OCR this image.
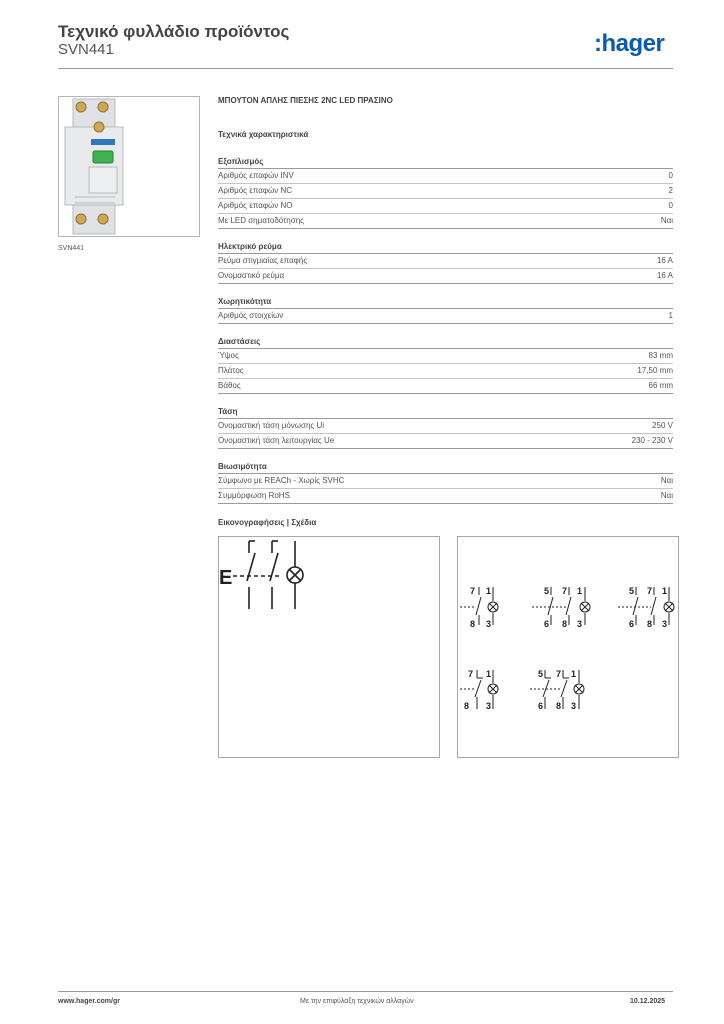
Τεχνικό φυλλάδιο προϊόντος
SVN441	:hager
SVN441
ΜΠΟΥΤΟΝ ΑΠΛΗΣ ΠΙΕΣΗΣ 2NC LED ΠΡΑΣΙΝΟ
Τεχνικά χαρακτηριστικά
Εξοπλισμός
Αριθμός επαφών INV	0
Αριθμός επαφών NC	2
Αριθμός επαφών NO	0
Με LED σηματοδότησης	Ναι
Ηλεκτρικό ρεύμα
Ρεύμα στιγμιαίας επαφής	16 A
Ονομαστικό ρεύμα	16 A
Χωρητικότητα
Αριθμός στοιχείων	1
Διαστάσεις
Ύψος	83 mm
Πλάτος	17,50 mm
Βάθος	66 mm
Τάση
Ονομαστική τάση μόνωσης Ui	250 V
Ονομαστική τάση λειτουργίας Ue	230 - 230 V
Βιωσιμότητα
Σύμφωνο με REACh - Χωρίς SVHC	Ναι
Συμμόρφωση RoHS	Ναι
Εικονογραφήσεις | Σχέδια
E
7 1
8 3
5 7 1
6 8 3
5 7 1
6 8 3
7 1
8 3
5 7 1
6 8 3
www.hager.com/gr	Με την επιφύλαξη τεχνικών αλλαγών	10.12.2025
